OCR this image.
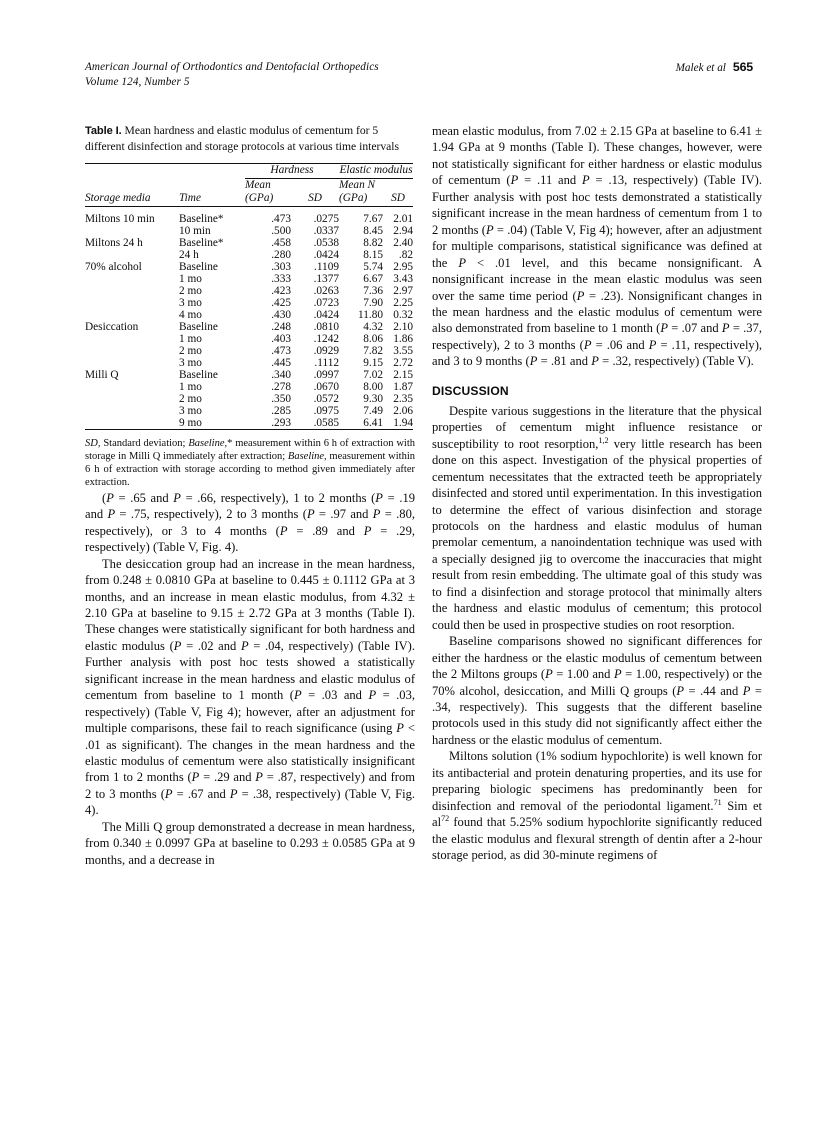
American Journal of Orthodontics and Dentofacial Orthopedics
Volume 124, Number 5
Malek et al 565
Table I. Mean hardness and elastic modulus of cementum for 5 different disinfection and storage protocols at various time intervals

		Hardness		Elastic modulus	

Storage media	Time	Mean
(GPa)	SD	Mean N
(GPa)	SD

Miltons 10 min	Baseline*	.473	.0275	7.67	2.01
	10 min	.500	.0337	8.45	2.94
Miltons 24 h	Baseline*	.458	.0538	8.82	2.40
	24 h	.280	.0424	8.15	.82
70% alcohol	Baseline	.303	.1109	5.74	2.95
	1 mo	.333	.1377	6.67	3.43
	2 mo	.423	.0263	7.36	2.97
	3 mo	.425	.0723	7.90	2.25
	4 mo	.430	.0424	11.80	0.32
Desiccation	Baseline	.248	.0810	4.32	2.10
	1 mo	.403	.1242	8.06	1.86
	2 mo	.473	.0929	7.82	3.55
	3 mo	.445	.1112	9.15	2.72
Milli Q	Baseline	.340	.0997	7.02	2.15
	1 mo	.278	.0670	8.00	1.87
	2 mo	.350	.0572	9.30	2.35
	3 mo	.285	.0975	7.49	2.06
	9 mo	.293	.0585	6.41	1.94

SD, Standard deviation; Baseline,* measurement within 6 h of extraction with storage in Milli Q immediately after extraction; Baseline, measurement within 6 h of extraction with storage according to method given immediately after extraction.

(P = .65 and P = .66, respectively), 1 to 2 months (P = .19 and P = .75, respectively), 2 to 3 months (P = .97 and P = .80, respectively), or 3 to 4 months (P = .89 and P = .29, respectively) (Table V, Fig. 4).

The desiccation group had an increase in the mean hardness, from 0.248 ± 0.0810 GPa at baseline to 0.445 ± 0.1112 GPa at 3 months, and an increase in mean elastic modulus, from 4.32 ± 2.10 GPa at baseline to 9.15 ± 2.72 GPa at 3 months (Table I). These changes were statistically significant for both hardness and elastic modulus (P = .02 and P = .04, respectively) (Table IV). Further analysis with post hoc tests showed a statistically significant increase in the mean hardness and elastic modulus of cementum from baseline to 1 month (P = .03 and P = .03, respectively) (Table V, Fig 4); however, after an adjustment for multiple comparisons, these fail to reach significance (using P < .01 as significant). The changes in the mean hardness and the elastic modulus of cementum were also statistically insignificant from 1 to 2 months (P = .29 and P = .87, respectively) and from 2 to 3 months (P = .67 and P = .38, respectively) (Table V, Fig. 4).

The Milli Q group demonstrated a decrease in mean hardness, from 0.340 ± 0.0997 GPa at baseline to 0.293 ± 0.0585 GPa at 9 months, and a decrease in

mean elastic modulus, from 7.02 ± 2.15 GPa at baseline to 6.41 ± 1.94 GPa at 9 months (Table I). These changes, however, were not statistically significant for either hardness or elastic modulus of cementum (P = .11 and P = .13, respectively) (Table IV). Further analysis with post hoc tests demonstrated a statistically significant increase in the mean hardness of cementum from 1 to 2 months (P = .04) (Table V, Fig 4); however, after an adjustment for multiple comparisons, statistical significance was defined at the P < .01 level, and this became nonsignificant. A nonsignificant increase in the mean elastic modulus was seen over the same time period (P = .23). Nonsignificant changes in the mean hardness and the elastic modulus of cementum were also demonstrated from baseline to 1 month (P = .07 and P = .37, respectively), 2 to 3 months (P = .06 and P = .11, respectively), and 3 to 9 months (P = .81 and P = .32, respectively) (Table V).

DISCUSSION

Despite various suggestions in the literature that the physical properties of cementum might influence resistance or susceptibility to root resorption,$^{1,2}$ very little research has been done on this aspect. Investigation of the physical properties of cementum necessitates that the extracted teeth be appropriately disinfected and stored until experimentation. In this investigation to determine the effect of various disinfection and storage protocols on the hardness and elastic modulus of human premolar cementum, a nanoindentation technique was used with a specially designed jig to overcome the inaccuracies that might result from resin embedding. The ultimate goal of this study was to find a disinfection and storage protocol that minimally alters the hardness and elastic modulus of cementum; this protocol could then be used in prospective studies on root resorption.

Baseline comparisons showed no significant differences for either the hardness or the elastic modulus of cementum between the 2 Miltons groups (P = 1.00 and P = 1.00, respectively) or the 70% alcohol, desiccation, and Milli Q groups (P = .44 and P = .34, respectively). This suggests that the different baseline protocols used in this study did not significantly affect either the hardness or the elastic modulus of cementum.

Miltons solution (1% sodium hypochlorite) is well known for its antibacterial and protein denaturing properties, and its use for preparing biologic specimens has predominantly been for disinfection and removal of the periodontal ligament.$^{71}$ Sim et $al^{72}$ found that 5.25% sodium hypochlorite significantly reduced the elastic modulus and flexural strength of dentin after a 2-hour storage period, as did 30-minute regimens of
